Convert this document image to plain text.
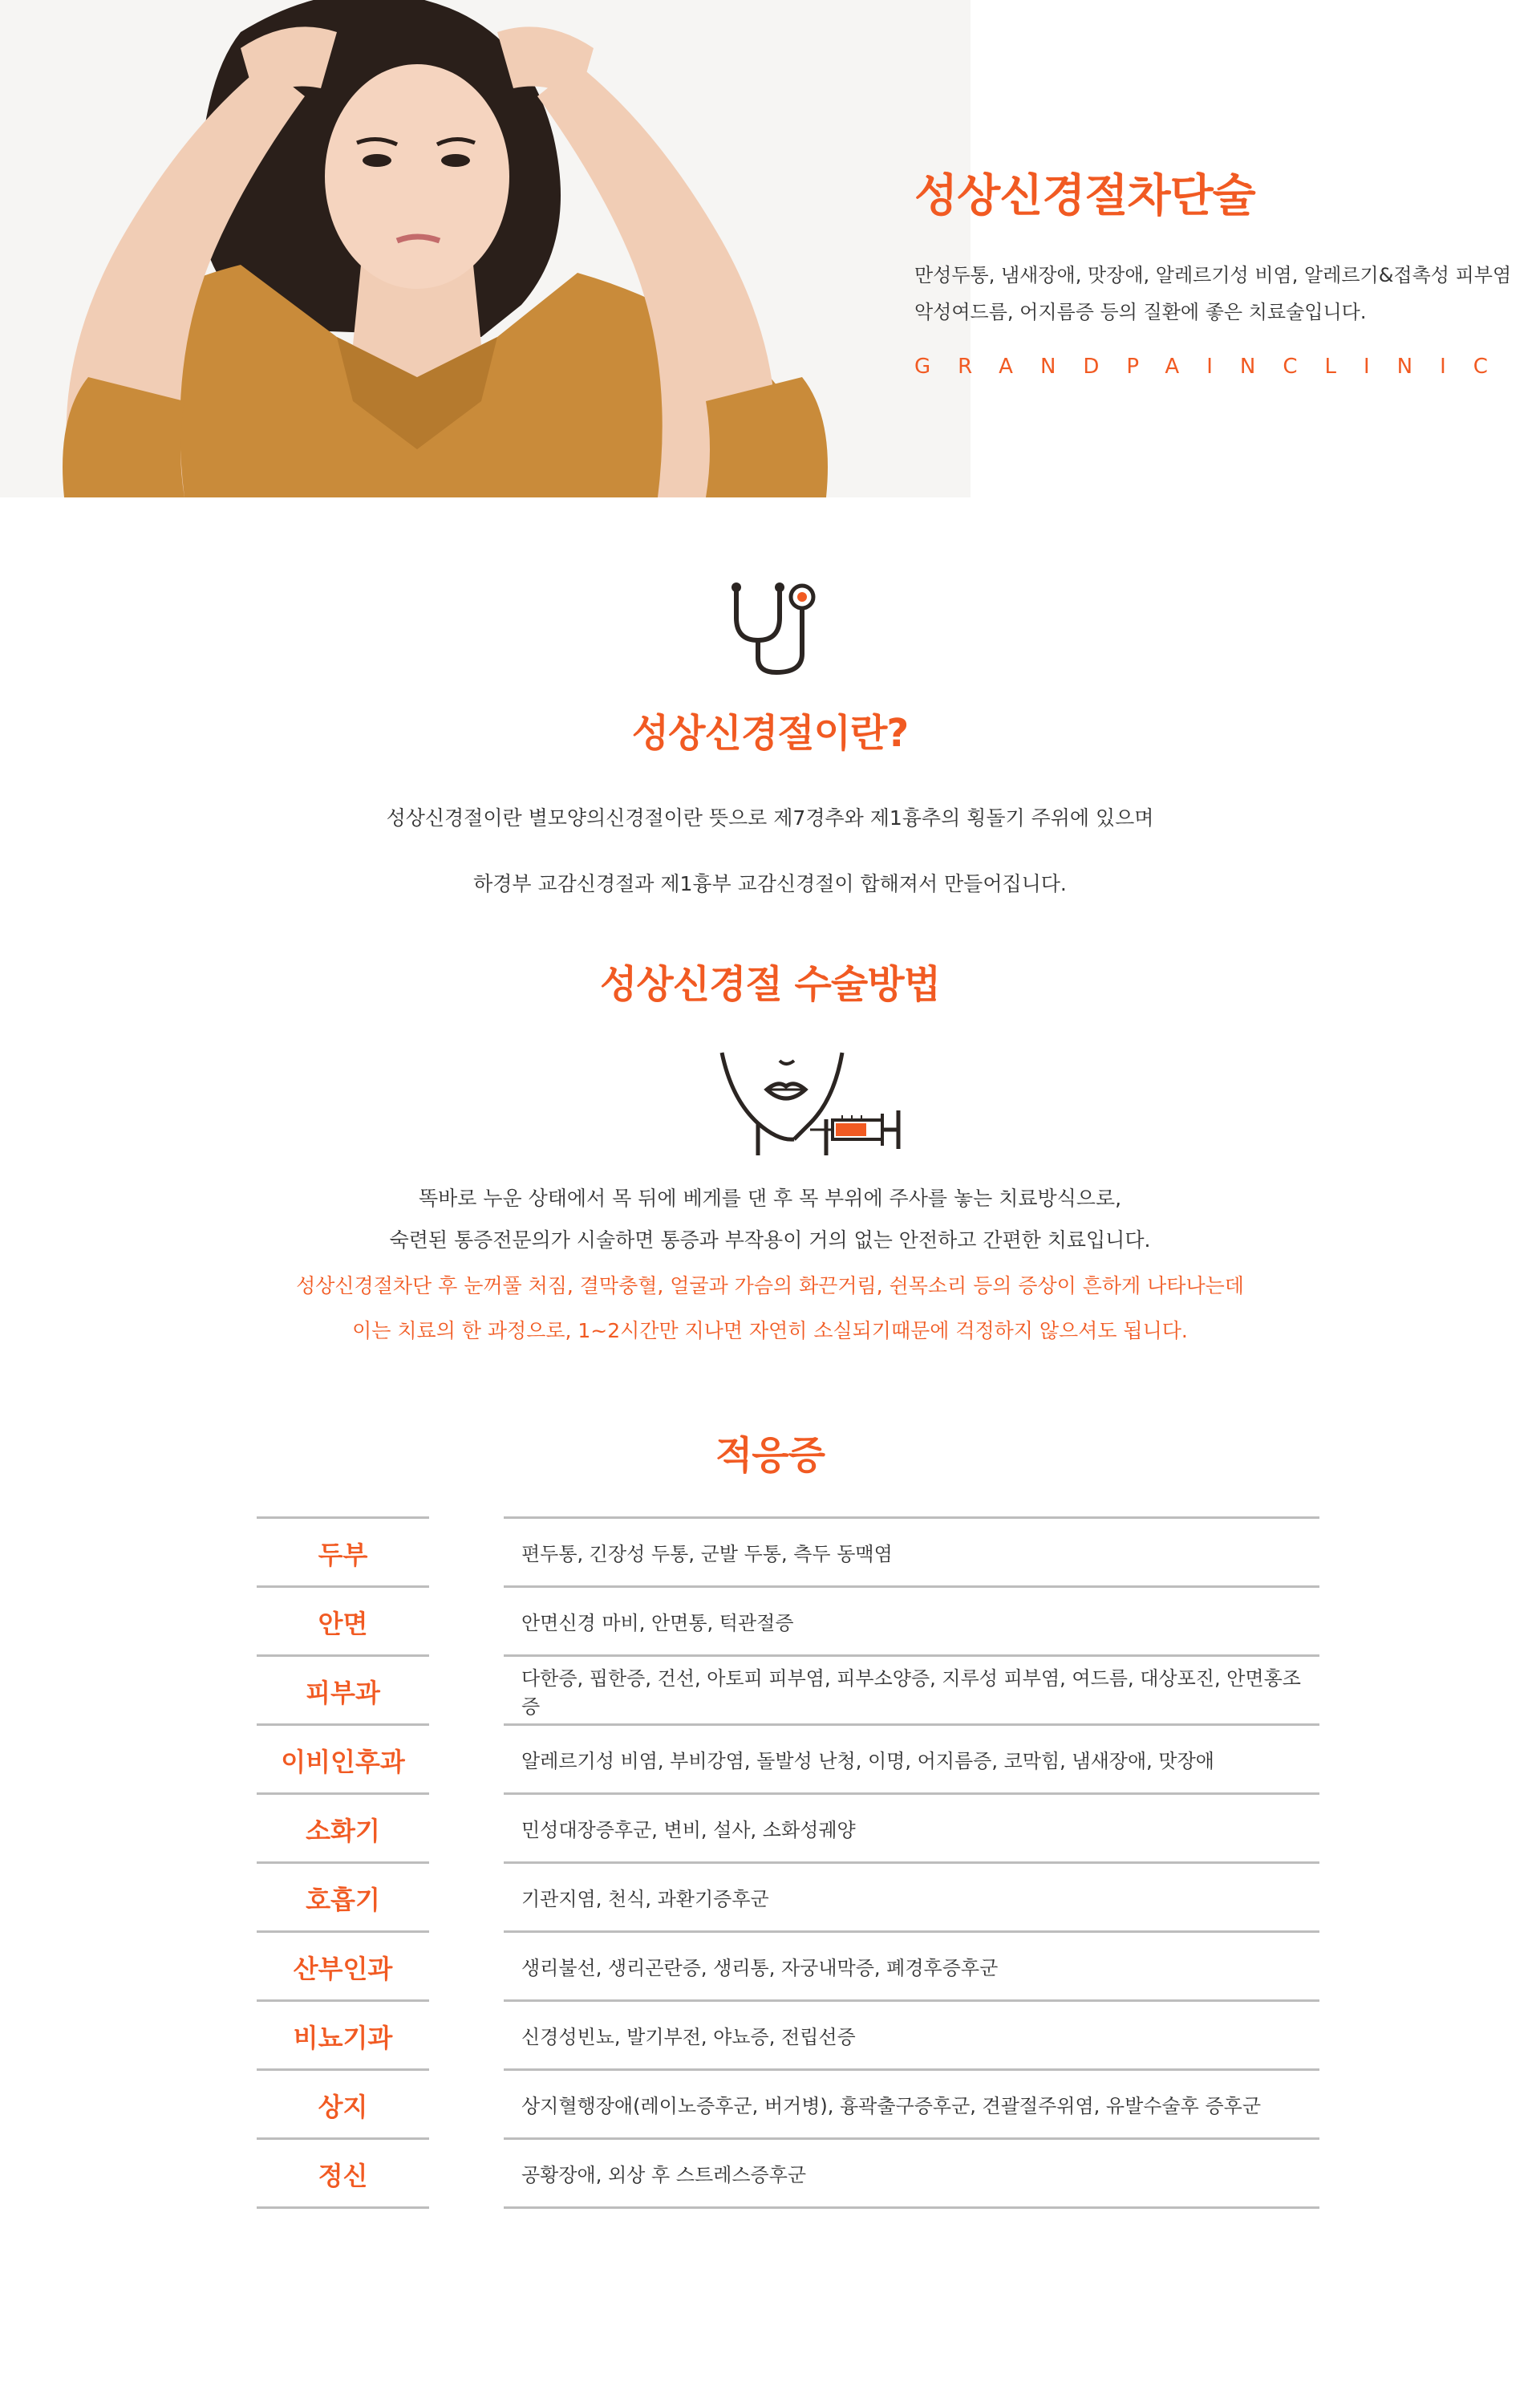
성상신경절차단술

만성두통, 냄새장애, 맛장애, 알레르기성 비염, 알레르기&접촉성 피부염
악성여드름, 어지름증 등의 질환에 좋은 치료술입니다.

GRANDPAINCLINIC

성상신경절이란?
성상신경절이란 별모양의신경절이란 뜻으로 제7경추와 제1흉추의 횡돌기 주위에 있으며
하경부 교감신경절과 제1흉부 교감신경절이 합해져서 만들어집니다.
성상신경절 수술방법
똑바로 누운 상태에서 목 뒤에 베게를 댄 후 목 부위에 주사를 놓는 치료방식으로,
숙련된 통증전문의가 시술하면 통증과 부작용이 거의 없는 안전하고 간편한 치료입니다.
성상신경절차단 후 눈꺼풀 처짐, 결막충혈, 얼굴과 가슴의 화끈거림, 쉰목소리 등의 증상이 흔하게 나타나는데
이는 치료의 한 과정으로, 1~2시간만 지나면 자연히 소실되기때문에 걱정하지 않으셔도 됩니다.
적응증
두부	편두통, 긴장성 두통, 군발 두통, 측두 동맥염
안면	안면신경 마비, 안면통, 턱관절증
피부과	다한증, 핍한증, 건선, 아토피 피부염, 피부소양증, 지루성 피부염, 여드름, 대상포진, 안면홍조증
이비인후과	알레르기성 비염, 부비강염, 돌발성 난청, 이명, 어지름증, 코막힘, 냄새장애, 맛장애
소화기	민성대장증후군, 변비, 설사, 소화성궤양
호흡기	기관지염, 천식, 과환기증후군
산부인과	생리불선, 생리곤란증, 생리통, 자궁내막증, 폐경후증후군
비뇨기과	신경성빈뇨, 발기부전, 야뇨증, 전립선증
상지	상지혈행장애(레이노증후군, 버거병), 흉곽출구증후군, 견괄절주위염, 유발수술후 증후군
정신	공황장애, 외상 후 스트레스증후군
